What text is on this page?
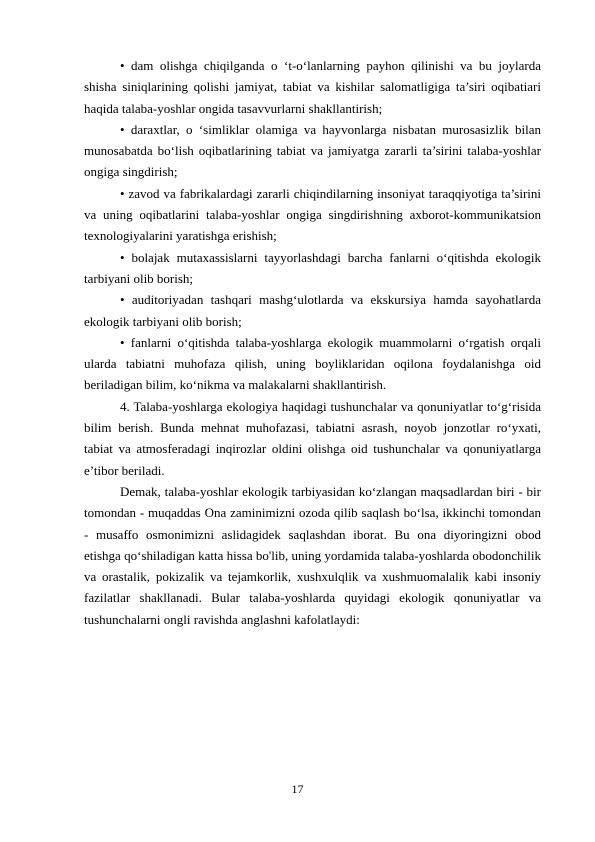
• dam olishga chiqilganda o ‘t-o‘lanlarning payhon qilinishi va bu joylarda shisha siniqlarining qolishi jamiyat, tabiat va kishilar salomatligiga ta’siri oqibatiari haqida talaba-yoshlar ongida tasavvurlarni shakllantirish;

• daraxtlar, o ‘simliklar olamiga va hayvonlarga nisbatan murosasizlik bilan munosabatda bo‘lish oqibatlarining tabiat va jamiyatga zararli ta’sirini talaba-yoshlar ongiga singdirish;

• zavod va fabrikalardagi zararli chiqindilarning insoniyat taraqqiyotiga ta’sirini va uning oqibatlarini talaba-yoshlar ongiga singdirishning axborot-kommunikatsion texnologiyalarini yaratishga erishish;

• bolajak mutaxassislarni tayyorlashdagi barcha fanlarni o‘qitishda ekologik tarbiyani olib borish;

• auditoriyadan tashqari mashg‘ulotlarda va ekskursiya hamda sayohatlarda ekologik tarbiyani olib borish;

• fanlarni o‘qitishda talaba-yoshlarga ekologik muammolarni o‘rgatish orqali ularda tabiatni muhofaza qilish, uning boyliklaridan oqilona foydalanishga oid beriladigan bilim, ko‘nikma va malakalarni shakllantirish.

4. Talaba-yoshlarga ekologiya haqidagi tushunchalar va qonuniyatlar to‘g‘risida bilim berish. Bunda mehnat muhofazasi, tabiatni asrash, noyob jonzotlar ro‘yxati, tabiat va atmosferadagi inqirozlar oldini olishga oid tushunchalar va qonuniyatlarga e’tibor beriladi.

Demak, talaba-yoshlar ekologik tarbiyasidan ko‘zlangan maqsadlardan biri - bir tomondan - muqaddas Ona zaminimizni ozoda qilib saqlash bo‘lsa, ikkinchi tomondan - musaffo osmonimizni aslidagidek saqlashdan iborat. Bu ona diyoringizni obod etishga qo‘shiladigan katta hissa bo'lib, uning yordamida talaba-yoshlarda obodonchilik va orastalik, pokizalik va tejamkorlik, xushxulqlik va xushmuomalalik kabi insoniy fazilatlar shakllanadi. Bular talaba-yoshlarda quyidagi ekologik qonuniyatlar va tushunchalarni ongli ravishda anglashni kafolatlaydi:

17
